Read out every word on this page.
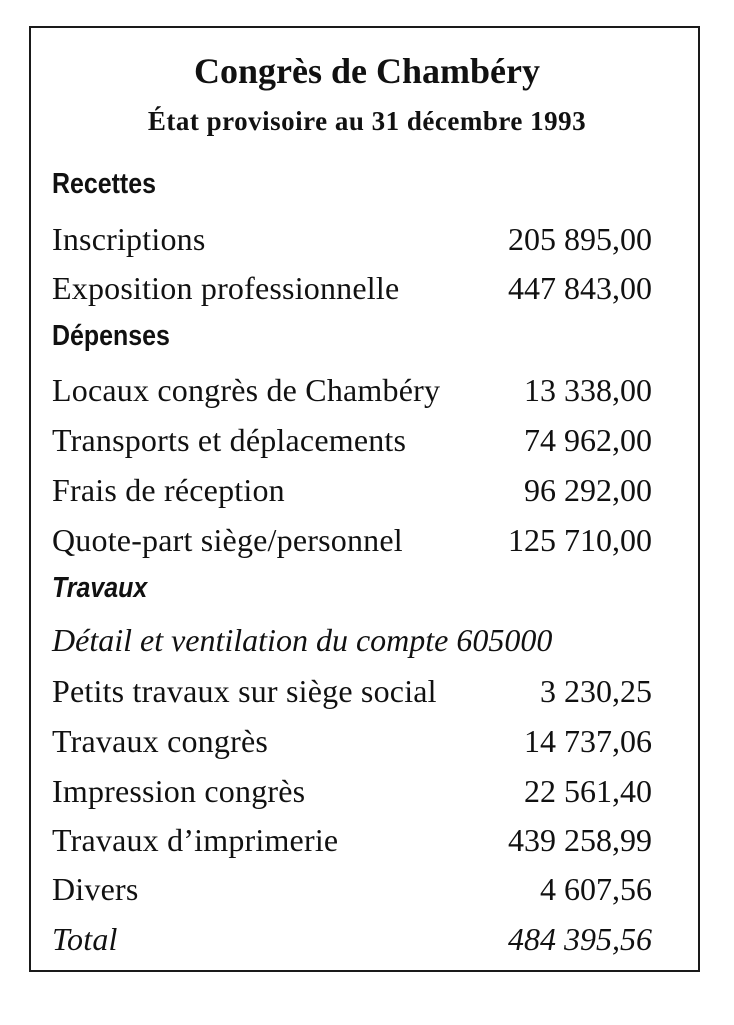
Congrès de Chambéry
État provisoire au 31 décembre 1993
Recettes
Inscriptions	205 895,00
Exposition professionnelle	447 843,00
Dépenses
Locaux congrès de Chambéry	13 338,00
Transports et déplacements	74 962,00
Frais de réception	96 292,00
Quote-part siège/personnel	125 710,00
Travaux
Détail et ventilation du compte 605000
Petits travaux sur siège social	3 230,25
Travaux congrès	14 737,06
Impression congrès	22 561,40
Travaux d’imprimerie	439 258,99
Divers	4 607,56
Total	484 395,56
